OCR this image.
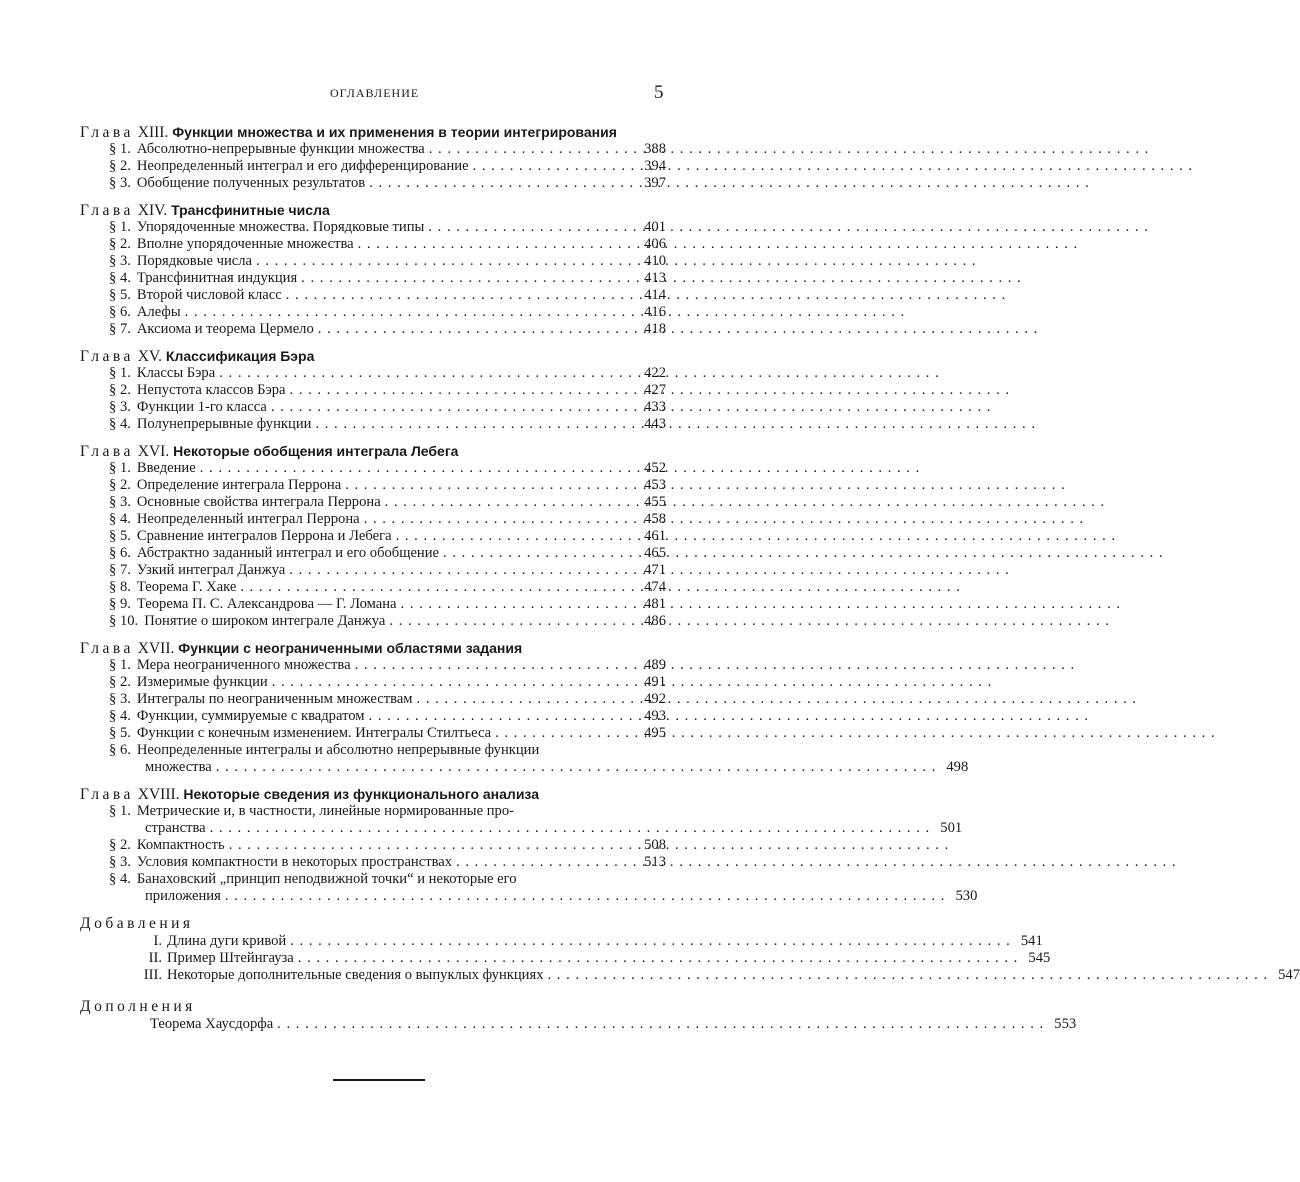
ОГЛАВЛЕНИЕ	5
Глава XIII. Функции множества и их применения в теории интегрирования
§ 1. Абсолютно-непрерывные функции множества . . .	388
§ 2. Неопределенный интеграл и его дифференцирование . . .	394
§ 3. Обобщение полученных результатов . . .	397
Глава XIV. Трансфинитные числа
§ 1. Упорядоченные множества. Порядковые типы . . .	401
§ 2. Вполне упорядоченные множества . . .	406
§ 3. Порядковые числа . . .	410
§ 4. Трансфинитная индукция . . .	413
§ 5. Второй числовой класс . . .	414
§ 6. Алефы . . .	416
§ 7. Аксиома и теорема Цермело . . .	418
Глава XV. Классификация Бэра
§ 1. Классы Бэра . . .	422
§ 2. Непустота классов Бэра . . .	427
§ 3. Функции 1-го класса . . .	433
§ 4. Полунепрерывные функции . . .	443
Глава XVI. Некоторые обобщения интеграла Лебега
§ 1. Введение . . .	452
§ 2. Определение интеграла Перрона . . .	453
§ 3. Основные свойства интеграла Перрона . . .	455
§ 4. Неопределенный интеграл Перрона . . .	458
§ 5. Сравнение интегралов Перрона и Лебега . . .	461
§ 6. Абстрактно заданный интеграл и его обобщение . . .	465
§ 7. Узкий интеграл Данжуа . . .	471
§ 8. Теорема Г. Хаке . . .	474
§ 9. Теорема П. С. Александрова — Г. Ломана . . .	481
§ 10. Понятие о широком интеграле Данжуа . . .	486
Глава XVII. Функции с неограниченными областями задания
§ 1. Мера неограниченного множества . . .	489
§ 2. Измеримые функции . . .	491
§ 3. Интегралы по неограниченным множествам . . .	492
§ 4. Функции, суммируемые с квадратом . . .	493
§ 5. Функции с конечным изменением. Интегралы Стилтьеса . . .	495
§ 6. Неопределенные интегралы и абсолютно непрерывные функции
множества . . .	498
Глава XVIII. Некоторые сведения из функционального анализа
§ 1. Метрические и, в частности, линейные нормированные про-
странства . . .	501
§ 2. Компактность . . .	508
§ 3. Условия компактности в некоторых пространствах . . .	513
§ 4. Банаховский „принцип неподвижной точки“ и некоторые его
приложения . . .	530
Добавления
I. Длина дуги кривой . . .	541
II. Пример Штейнгауза . . .	545
III. Некоторые дополнительные сведения о выпуклых функциях . . .	547
Дополнения
Теорема Хаусдорфа . . .	553
